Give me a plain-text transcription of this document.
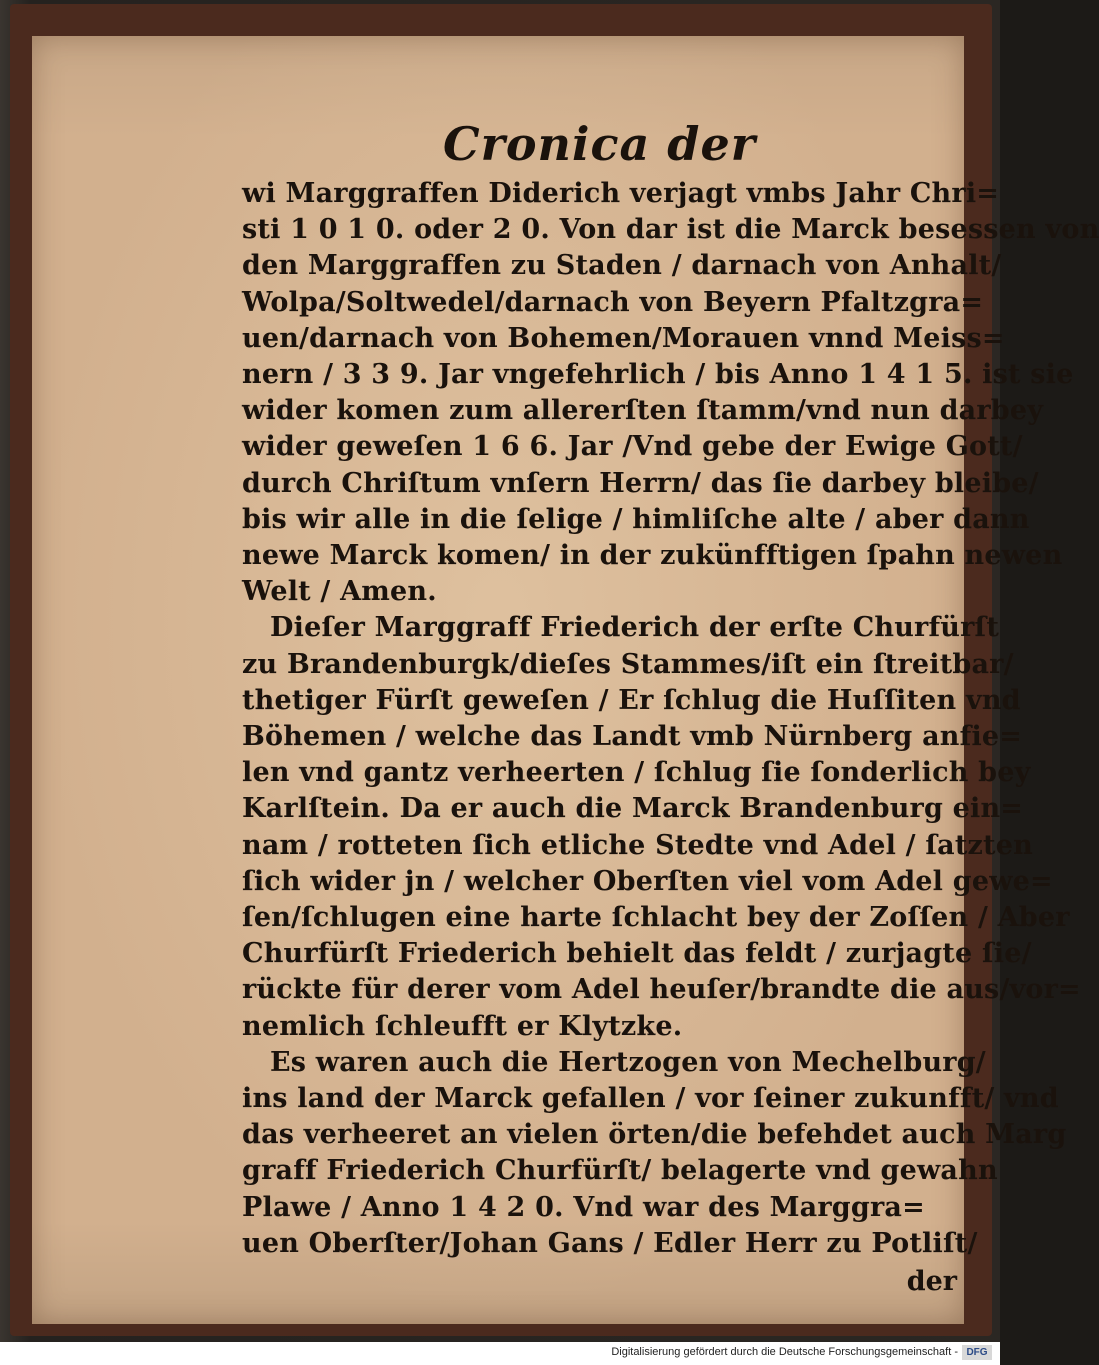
Cronica der
wi Marggraffen Diderich verjagt vmbs Jahr Chri=
sti 1 0 1 0. oder 2 0. Von dar ist die Marck besessen von
den Marggraffen zu Staden / darnach von Anhalt/
Wolpa/Soltwedel/darnach von Beyern Pfaltzgra=
uen/darnach von Bohemen/Morauen vnnd Meiss=
nern / 3 3 9. Jar vngefehrlich / bis Anno 1 4 1 5. ist sie
wider komen zum allererſten ſtamm/vnd nun darbey
wider geweſen 1 6 6. Jar /Vnd gebe der Ewige Gott/
durch Chriſtum vnſern Herrn/ das ſie darbey bleibe/
bis wir alle in die ſelige / himliſche alte / aber dann
newe Marck komen/ in der zukünfftigen ſpahn newen
Welt / Amen.
Dieſer Marggraff Friederich der erſte Churfürſt
zu Brandenburgk/dieſes Stammes/iſt ein ſtreitbar/
thetiger Fürſt geweſen / Er ſchlug die Huſſiten vnd
Böhemen / welche das Landt vmb Nürnberg anfie=
len vnd gantz verheerten / ſchlug ſie ſonderlich bey
Karlſtein. Da er auch die Marck Brandenburg ein=
nam / rotteten ſich etliche Stedte vnd Adel / ſatzten
ſich wider jn / welcher Oberſten viel vom Adel gewe=
ſen/ſchlugen eine harte ſchlacht bey der Zoſſen / Aber
Churfürſt Friederich behielt das feldt / zurjagte ſie/
rückte für derer vom Adel heuſer/brandte die aus/vor=
nemlich ſchleufft er Klytzke.
Es waren auch die Hertzogen von Mechelburg/
ins land der Marck gefallen / vor ſeiner zukunfft/ vnd
das verheeret an vielen örten/die befehdet auch Marg
graff Friederich Churfürſt/ belagerte vnd gewahn
Plawe / Anno 1 4 2 0. Vnd war des Marggra=
uen Oberſter/Johan Gans / Edler Herr zu Potliſt/
der
Digitalisierung gefördert durch die Deutsche Forschungsgemeinschaft - DFG
